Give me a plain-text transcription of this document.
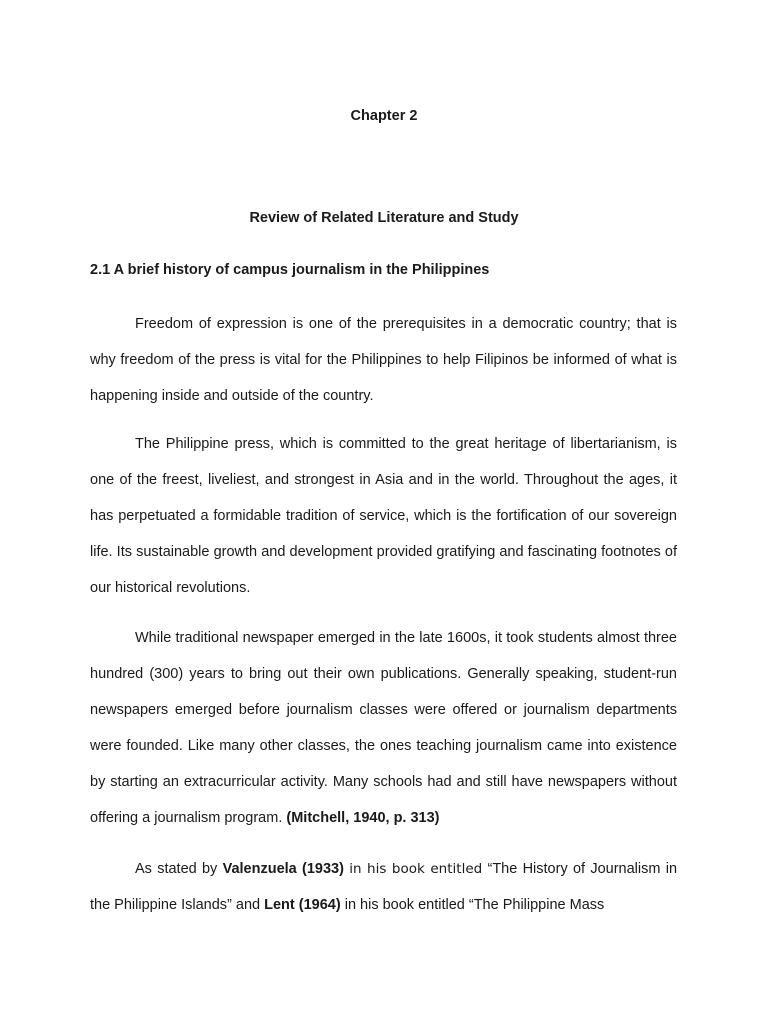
Chapter 2
Review of Related Literature and Study
2.1 A brief history of campus journalism in the Philippines

Freedom of expression is one of the prerequisites in a democratic country; that is why freedom of the press is vital for the Philippines to help Filipinos be informed of what is happening inside and outside of the country.

The Philippine press, which is committed to the great heritage of libertarianism, is one of the freest, liveliest, and strongest in Asia and in the world. Throughout the ages, it has perpetuated a formidable tradition of service, which is the fortification of our sovereign life. Its sustainable growth and development provided gratifying and fascinating footnotes of our historical revolutions.

While traditional newspaper emerged in the late 1600s, it took students almost three hundred (300) years to bring out their own publications. Generally speaking, student-run newspapers emerged before journalism classes were offered or journalism departments were founded. Like many other classes, the ones teaching journalism came into existence by starting an extracurricular activity. Many schools had and still have newspapers without offering a journalism program. (Mitchell, 1940, p. 313)

As stated by Valenzuela (1933) in his book entitled “The History of Journalism in the Philippine Islands” and Lent (1964) in his book entitled “The Philippine Mass
